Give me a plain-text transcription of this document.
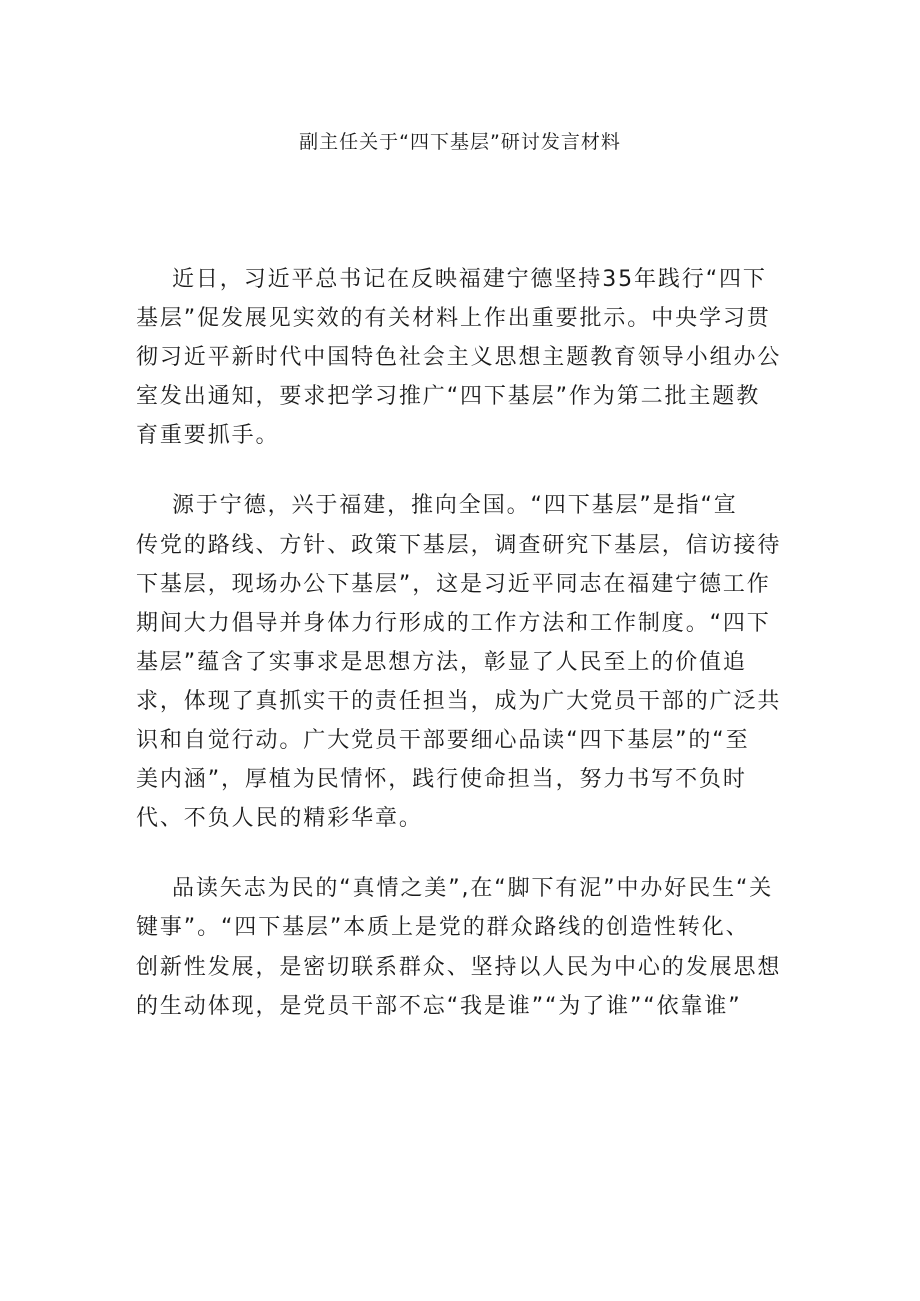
副主任关于“四下基层”研讨发言材料
近日，习近平总书记在反映福建宁德坚持35年践行“四下
基层”促发展见实效的有关材料上作出重要批示。中央学习贯
彻习近平新时代中国特色社会主义思想主题教育领导小组办公
室发出通知，要求把学习推广“四下基层”作为第二批主题教
育重要抓手。
源于宁德，兴于福建，推向全国。“四下基层”是指“宣
传党的路线、方针、政策下基层，调查研究下基层，信访接待
下基层，现场办公下基层”，这是习近平同志在福建宁德工作
期间大力倡导并身体力行形成的工作方法和工作制度。“四下
基层”蕴含了实事求是思想方法，彰显了人民至上的价值追
求，体现了真抓实干的责任担当，成为广大党员干部的广泛共
识和自觉行动。广大党员干部要细心品读“四下基层”的“至
美内涵”，厚植为民情怀，践行使命担当，努力书写不负时
代、不负人民的精彩华章。
品读矢志为民的“真情之美”,在“脚下有泥”中办好民生“关
键事”。“四下基层”本质上是党的群众路线的创造性转化、
创新性发展，是密切联系群众、坚持以人民为中心的发展思想
的生动体现，是党员干部不忘“我是谁”“为了谁”“依靠谁”
